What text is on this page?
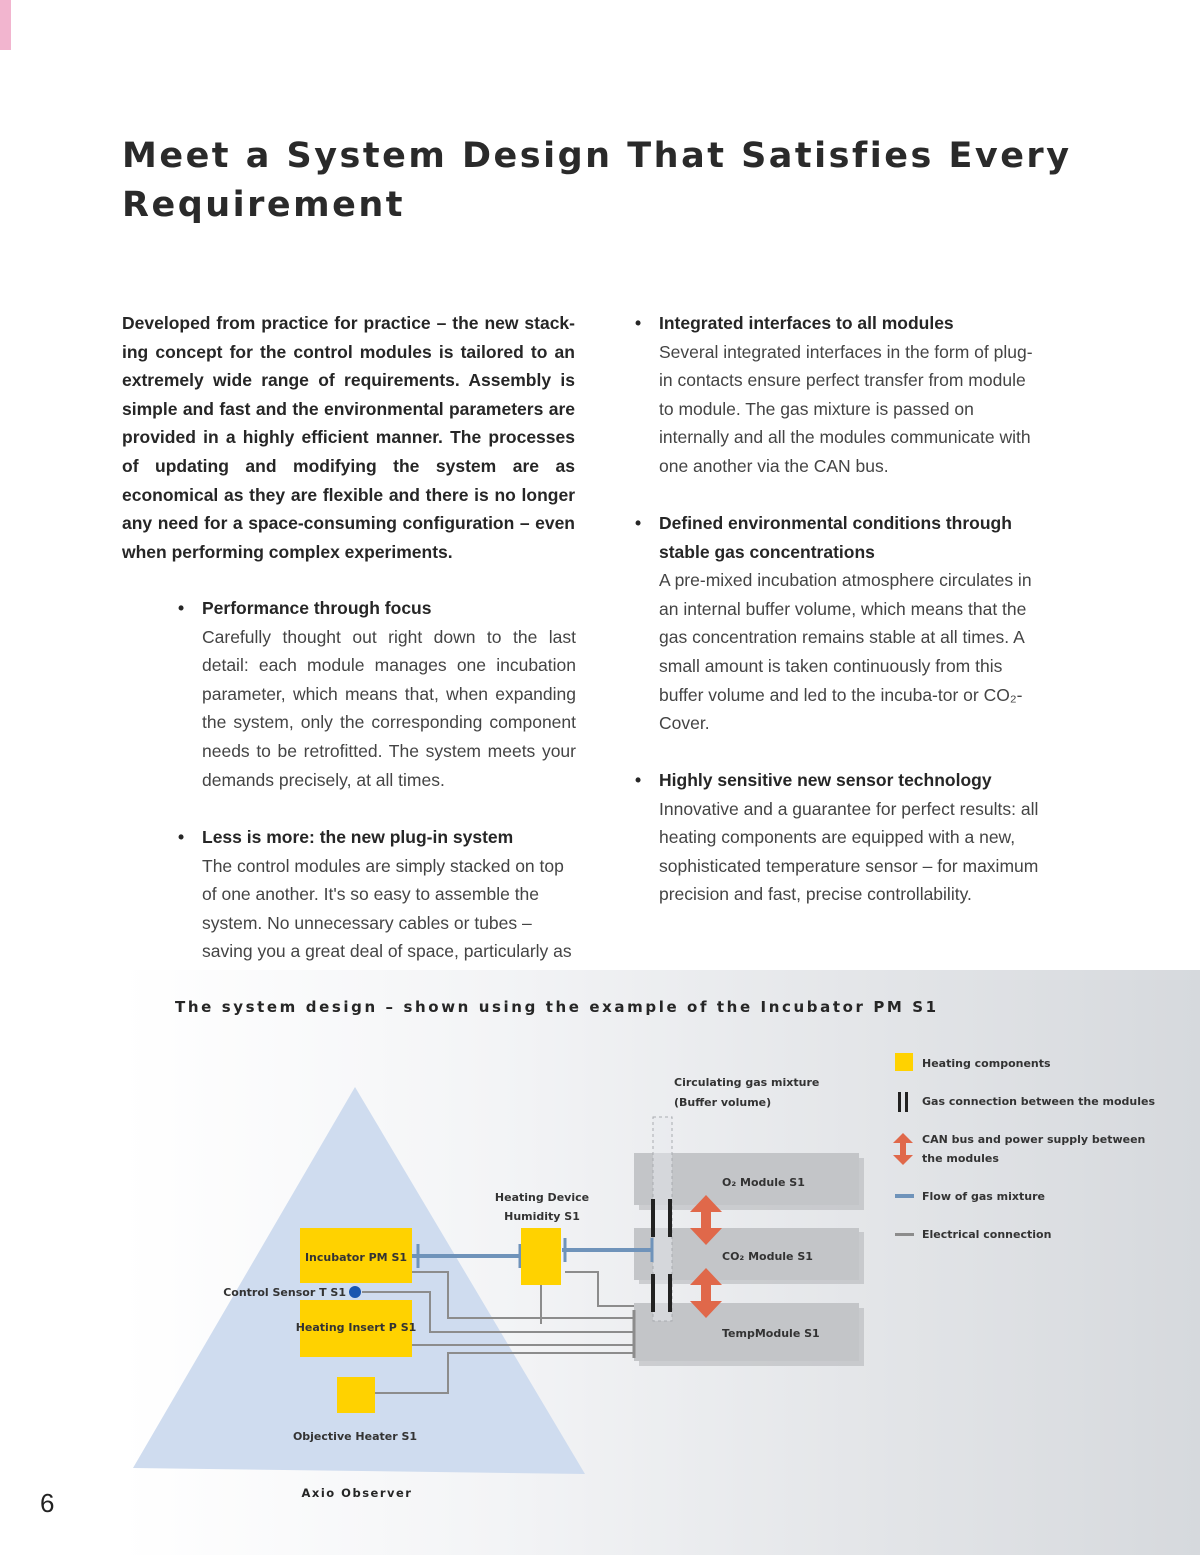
Meet a System Design That Satisfies Every Requirement

Developed from practice for practice – the new stack-ing concept for the control modules is tailored to an extremely wide range of requirements. Assembly is simple and fast and the environmental parameters are provided in a highly efficient manner. The processes of updating and modifying the system are as economical as they are flexible and there is no longer any need for a space-consuming configuration – even when performing complex experiments.

• Performance through focus
Carefully thought out right down to the last detail: each module manages one incubation parameter, which means that, when expanding the system, only the corresponding component needs to be retrofitted. The system meets your demands precisely, at all times.
• Less is more: the new plug-in system
The control modules are simply stacked on top of one another. It's so easy to assemble the system. No unnecessary cables or tubes – saving you a great deal of space, particularly as
• Integrated interfaces to all modules
Several integrated interfaces in the form of plug-in contacts ensure perfect transfer from module to module. The gas mixture is passed on internally and all the modules communicate with one another via the CAN bus.
• Defined environmental conditions through stable gas concentrations
A pre-mixed incubation atmosphere circulates in an internal buffer volume, which means that the gas concentration remains stable at all times. A small amount is taken continuously from this buffer volume and led to the incuba-tor or CO₂-Cover.
• Highly sensitive new sensor technology
Innovative and a guarantee for perfect results: all heating components are equipped with a new, sophisticated temperature sensor – for maximum precision and fast, precise controllability.
The system design – shown using the example of the Incubator PM S1
Circulating gas mixture
(Buffer volume)
Heating Device
Humidity S1
Incubator PM S1
Control Sensor T S1
Heating Insert P S1
Objective Heater S1
Axio Observer
O₂ Module S1
CO₂ Module S1
TempModule S1
Heating components
Gas connection between the modules
CAN bus and power supply between
the modules
Flow of gas mixture
Electrical connection
6
